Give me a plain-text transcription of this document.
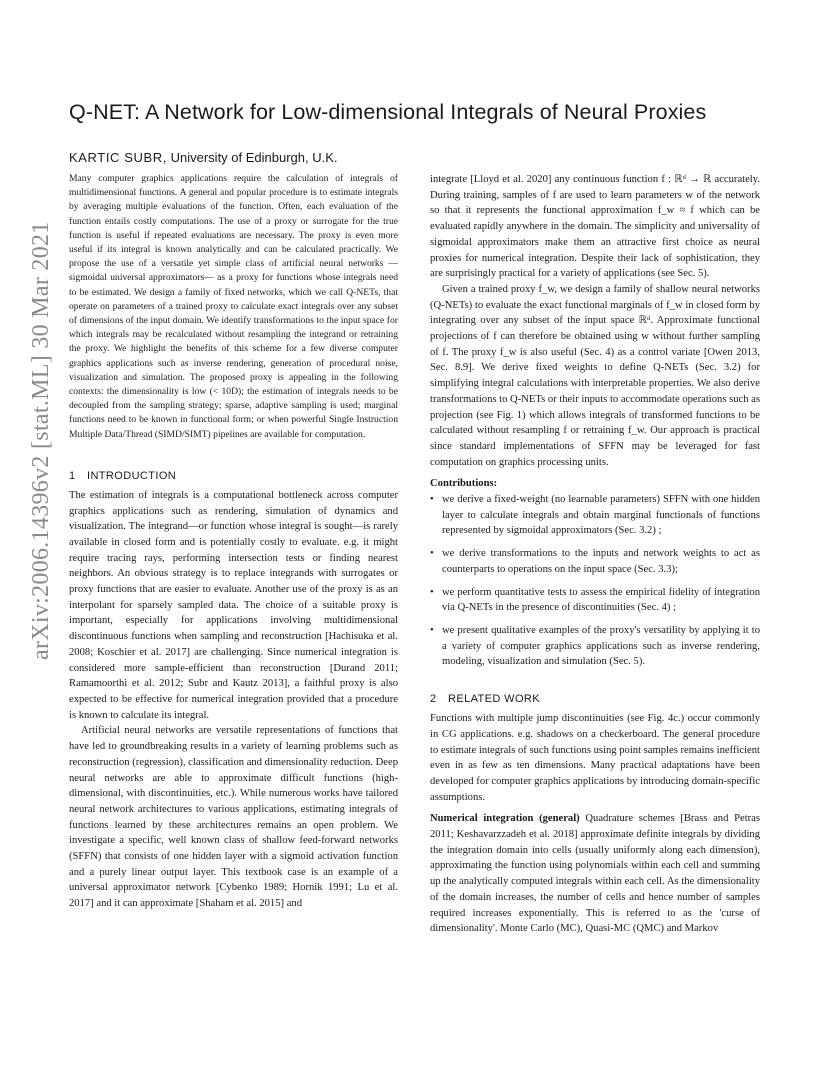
arXiv:2006.14396v2 [stat.ML] 30 Mar 2021
Q-NET: A Network for Low-dimensional Integrals of Neural Proxies
KARTIC SUBR, University of Edinburgh, U.K.

Many computer graphics applications require the calculation of integrals of multidimensional functions. A general and popular procedure is to estimate integrals by averaging multiple evaluations of the function. Often, each evaluation of the function entails costly computations. The use of a proxy or surrogate for the true function is useful if repeated evaluations are necessary. The proxy is even more useful if its integral is known analytically and can be calculated practically. We propose the use of a versatile yet simple class of artificial neural networks —sigmoidal universal approximators— as a proxy for functions whose integrals need to be estimated. We design a family of fixed networks, which we call Q-NETs, that operate on parameters of a trained proxy to calculate exact integrals over any subset of dimensions of the input domain. We identify transformations to the input space for which integrals may be recalculated without resampling the integrand or retraining the proxy. We highlight the benefits of this scheme for a few diverse computer graphics applications such as inverse rendering, generation of procedural noise, visualization and simulation. The proposed proxy is appealing in the following contexts: the dimensionality is low (< 10D); the estimation of integrals needs to be decoupled from the sampling strategy; sparse, adaptive sampling is used; marginal functions need to be known in functional form; or when powerful Single Instruction Multiple Data/Thread (SIMD/SIMT) pipelines are available for computation.

1 INTRODUCTION

The estimation of integrals is a computational bottleneck across computer graphics applications such as rendering, simulation of dynamics and visualization. The integrand—or function whose integral is sought—is rarely available in closed form and is potentially costly to evaluate. e.g. it might require tracing rays, performing intersection tests or finding nearest neighbors. An obvious strategy is to replace integrands with surrogates or proxy functions that are easier to evaluate. Another use of the proxy is as an interpolant for sparsely sampled data. The choice of a suitable proxy is important, especially for applications involving multidimensional discontinuous functions when sampling and reconstruction [Hachisuka et al. 2008; Koschier et al. 2017] are challenging. Since numerical integration is considered more sample-efficient than reconstruction [Durand 2011; Ramamoorthi et al. 2012; Subr and Kautz 2013], a faithful proxy is also expected to be effective for numerical integration provided that a procedure is known to calculate its integral.

Artificial neural networks are versatile representations of functions that have led to groundbreaking results in a variety of learning problems such as reconstruction (regression), classification and dimensionality reduction. Deep neural networks are able to approximate difficult functions (high-dimensional, with discontinuities, etc.). While numerous works have tailored neural network architectures to various applications, estimating integrals of functions learned by these architectures remains an open problem. We investigate a specific, well known class of shallow feed-forward networks (SFFN) that consists of one hidden layer with a sigmoid activation function and a purely linear output layer. This textbook case is an example of a universal approximator network [Cybenko 1989; Hornik 1991; Lu et al. 2017] and it can approximate [Shaham et al. 2015] and

integrate [Lloyd et al. 2020] any continuous function f : ℝᵈ → ℝ accurately. During training, samples of f are used to learn parameters w of the network so that it represents the functional approximation f_w ≈ f which can be evaluated rapidly anywhere in the domain. The simplicity and universality of sigmoidal approximators make them an attractive first choice as neural proxies for numerical integration. Despite their lack of sophistication, they are surprisingly practical for a variety of applications (see Sec. 5).

Given a trained proxy f_w, we design a family of shallow neural networks (Q-NETs) to evaluate the exact functional marginals of f_w in closed form by integrating over any subset of the input space ℝᵈ. Approximate functional projections of f can therefore be obtained using w without further sampling of f. The proxy f_w is also useful (Sec. 4) as a control variate [Owen 2013, Sec. 8.9]. We derive fixed weights to define Q-NETs (Sec. 3.2) for simplifying integral calculations with interpretable properties. We also derive transformations to Q-NETs or their inputs to accommodate operations such as projection (see Fig. 1) which allows integrals of transformed functions to be calculated without resampling f or retraining f_w. Our approach is practical since standard implementations of SFFN may be leveraged for fast computation on graphics processing units.

Contributions:

• we derive a fixed-weight (no learnable parameters) SFFN with one hidden layer to calculate integrals and obtain marginal functionals of functions represented by sigmoidal approximators (Sec. 3.2) ;
• we derive transformations to the inputs and network weights to act as counterparts to operations on the input space (Sec. 3.3);
• we perform quantitative tests to assess the empirical fidelity of integration via Q-NETs in the presence of discontinuities (Sec. 4) ;
• we present qualitative examples of the proxy's versatility by applying it to a variety of computer graphics applications such as inverse rendering, modeling, visualization and simulation (Sec. 5).

2 RELATED WORK

Functions with multiple jump discontinuities (see Fig. 4c.) occur commonly in CG applications. e.g. shadows on a checkerboard. The general procedure to estimate integrals of such functions using point samples remains inefficient even in as few as ten dimensions. Many practical adaptations have been developed for computer graphics applications by introducing domain-specific assumptions.

Numerical integration (general) Quadrature schemes [Brass and Petras 2011; Keshavarzzadeh et al. 2018] approximate definite integrals by dividing the integration domain into cells (usually uniformly along each dimension), approximating the function using polynomials within each cell and summing up the analytically computed integrals within each cell. As the dimensionality of the domain increases, the number of cells and hence number of samples required increases exponentially. This is referred to as the 'curse of dimensionality'. Monte Carlo (MC), Quasi-MC (QMC) and Markov
